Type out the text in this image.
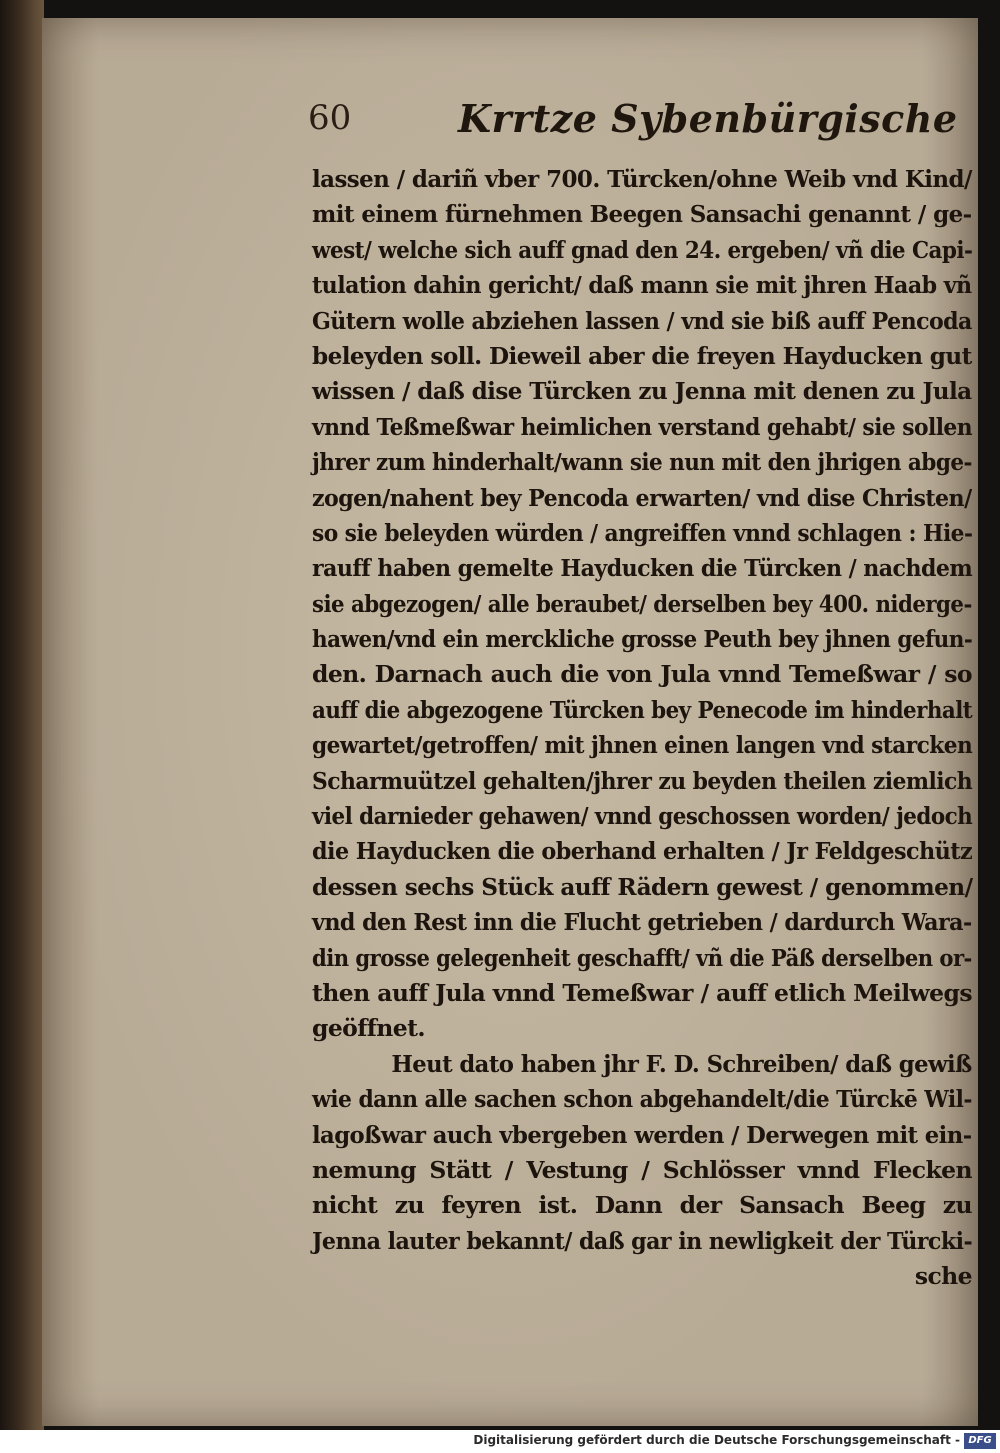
60	Krrtze Sybenbürgische
lassen / dariñ vber 700. Türcken/ohne Weib vnd Kind/
mit einem fürnehmen Beegen Sansachi genannt / ge-
west/ welche sich auff gnad den 24. ergeben/ vñ die Capi-
tulation dahin gericht/ daß mann sie mit jhren Haab vñ
Gütern wolle abziehen lassen / vnd sie biß auff Pencoda
beleyden soll. Dieweil aber die freyen Hayducken gut
wissen / daß dise Türcken zu Jenna mit denen zu Jula
vnnd Teßmeßwar heimlichen verstand gehabt/ sie sollen
jhrer zum hinderhalt/wann sie nun mit den jhrigen abge-
zogen/nahent bey Pencoda erwarten/ vnd dise Christen/
so sie beleyden würden / angreiffen vnnd schlagen : Hie-
rauff haben gemelte Hayducken die Türcken / nachdem
sie abgezogen/ alle beraubet/ derselben bey 400. niderge-
hawen/vnd ein merckliche grosse Peuth bey jhnen gefun-
den. Darnach auch die von Jula vnnd Temeßwar / so
auff die abgezogene Türcken bey Penecode im hinderhalt
gewartet/getroffen/ mit jhnen einen langen vnd starcken
Scharmuützel gehalten/jhrer zu beyden theilen ziemlich
viel darnieder gehawen/ vnnd geschossen worden/ jedoch
die Hayducken die oberhand erhalten / Jr Feldgeschütz
dessen sechs Stück auff Rädern gewest / genommen/
vnd den Rest inn die Flucht getrieben / dardurch Wara-
din grosse gelegenheit geschafft/ vñ die Päß derselben or-
then auff Jula vnnd Temeßwar / auff etlich Meilwegs
geöffnet.
Heut dato haben jhr F. D. Schreiben/ daß gewiß
wie dann alle sachen schon abgehandelt/die Türckē Wil-
lagoßwar auch vbergeben werden / Derwegen mit ein-
nemung Stätt / Vestung / Schlösser vnnd Flecken
nicht zu feyren ist. Dann der Sansach Beeg zu
Jenna lauter bekannt/ daß gar in newligkeit der Türcki-
sche
Digitalisierung gefördert durch die Deutsche Forschungsgemeinschaft - DFG
